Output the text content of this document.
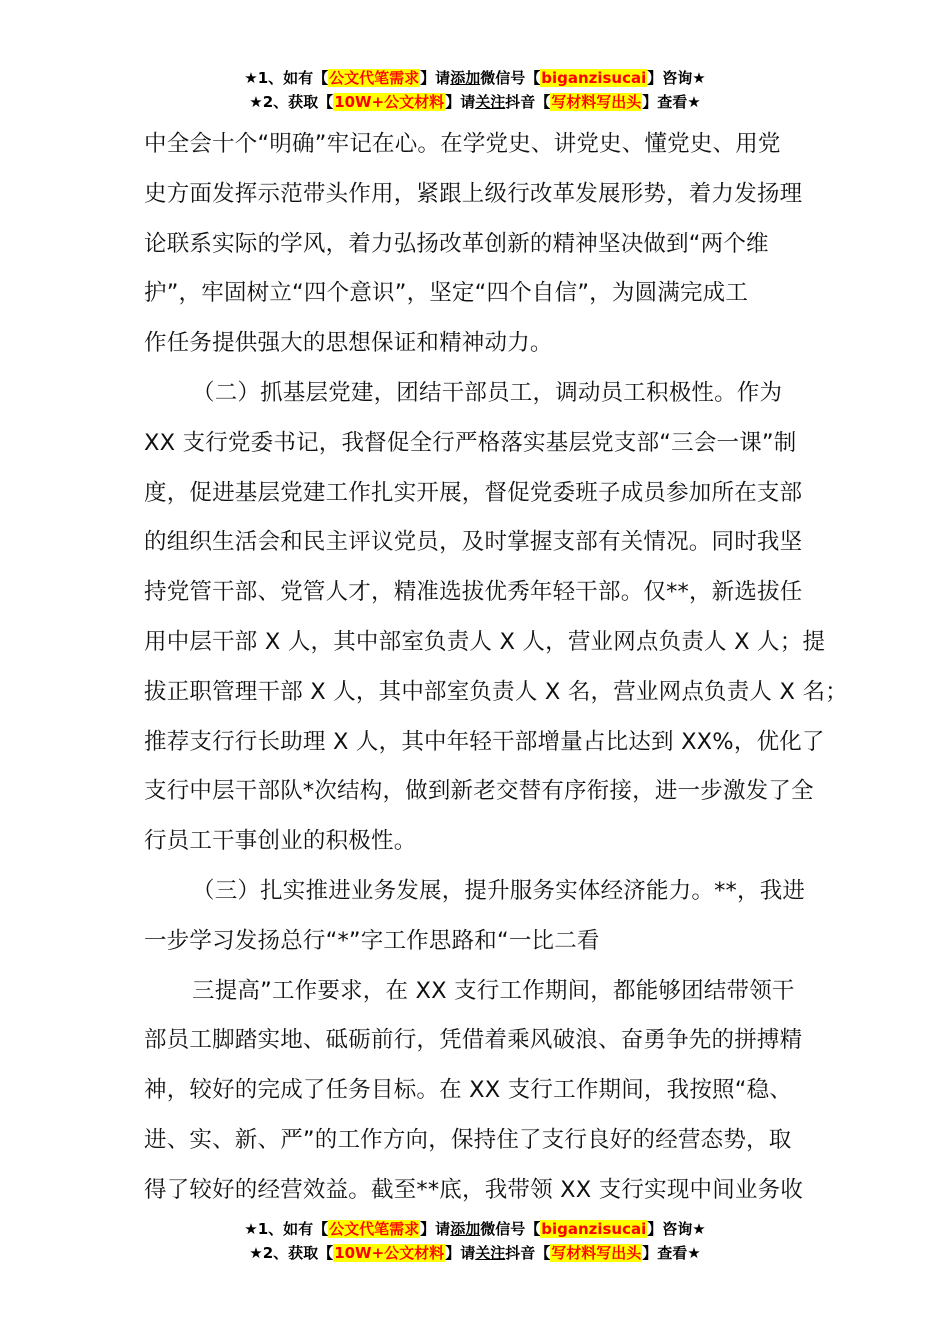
★1、如有【公文代笔需求】请添加微信号【biganzisucai】咨询★
★2、获取【10W+公文材料】请关注抖音【写材料写出头】查看★
中全会十个“明确”牢记在心。在学党史、讲党史、懂党史、用党
史方面发挥示范带头作用，紧跟上级行改革发展形势，着力发扬理
论联系实际的学风，着力弘扬改革创新的精神坚决做到“两个维
护”，牢固树立“四个意识”，坚定“四个自信”，为圆满完成工
作任务提供强大的思想保证和精神动力。
（二）抓基层党建，团结干部员工，调动员工积极性。作为
XX 支行党委书记，我督促全行严格落实基层党支部“三会一课”制
度，促进基层党建工作扎实开展，督促党委班子成员参加所在支部
的组织生活会和民主评议党员，及时掌握支部有关情况。同时我坚
持党管干部、党管人才，精准选拔优秀年轻干部。仅**，新选拔任
用中层干部 X 人，其中部室负责人 X 人，营业网点负责人 X 人；提
拔正职管理干部 X 人，其中部室负责人 X 名，营业网点负责人 X 名；
推荐支行行长助理 X 人，其中年轻干部增量占比达到 XX%，优化了
支行中层干部队*次结构，做到新老交替有序衔接，进一步激发了全
行员工干事创业的积极性。
（三）扎实推进业务发展，提升服务实体经济能力。**，我进
一步学习发扬总行“*”字工作思路和“一比二看
三提高”工作要求，在 XX 支行工作期间，都能够团结带领干
部员工脚踏实地、砥砺前行，凭借着乘风破浪、奋勇争先的拼搏精
神，较好的完成了任务目标。在 XX 支行工作期间，我按照“稳、
进、实、新、严”的工作方向，保持住了支行良好的经营态势，取
得了较好的经营效益。截至**底，我带领 XX 支行实现中间业务收
★1、如有【公文代笔需求】请添加微信号【biganzisucai】咨询★
★2、获取【10W+公文材料】请关注抖音【写材料写出头】查看★
